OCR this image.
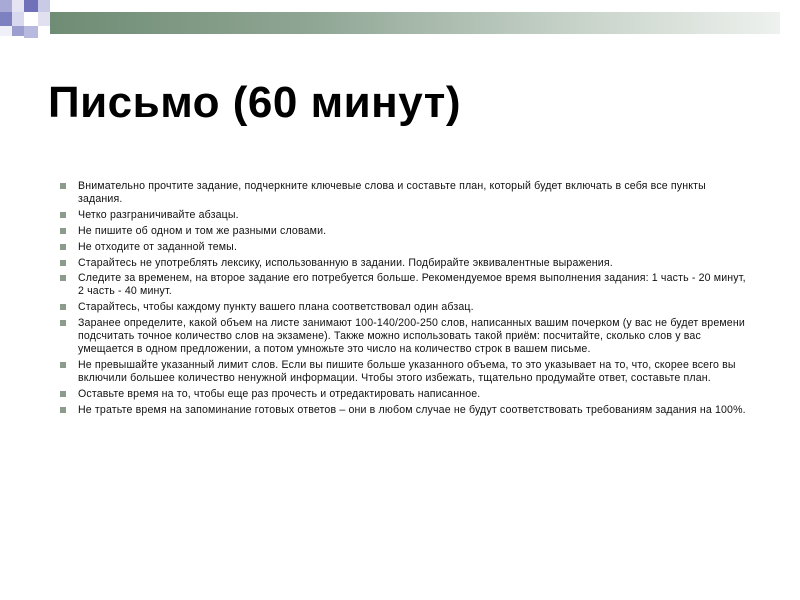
Письмо (60 минут)
Внимательно прочтите задание, подчеркните ключевые слова и составьте план, который будет включать в себя все пункты задания.
Четко разграничивайте абзацы.
Не пишите об одном и том же разными словами.
Не отходите от заданной темы.
Старайтесь не употреблять лексику, использованную в задании. Подбирайте эквивалентные выражения.
Следите за временем, на второе задание его потребуется больше. Рекомендуемое время выполнения задания: 1 часть - 20 минут, 2 часть - 40 минут.
Старайтесь, чтобы каждому пункту вашего плана соответствовал один абзац.
Заранее определите, какой объем на листе занимают 100-140/200-250 слов, написанных вашим почерком (у вас не будет времени подсчитать точное количество слов на экзамене). Также можно использовать такой приём: посчитайте, сколько слов у вас умещается в одном предложении, а потом умножьте это число на количество строк в вашем письме.
Не превышайте указанный лимит слов. Если вы пишите больше указанного объема, то это указывает на то, что, скорее всего вы включили большее количество ненужной информации. Чтобы этого избежать, тщательно продумайте ответ, составьте план.
Оставьте время на то, чтобы еще раз прочесть и отредактировать написанное.
Не тратьте время на запоминание готовых ответов – они в любом случае не будут соответствовать требованиям задания на 100%.
